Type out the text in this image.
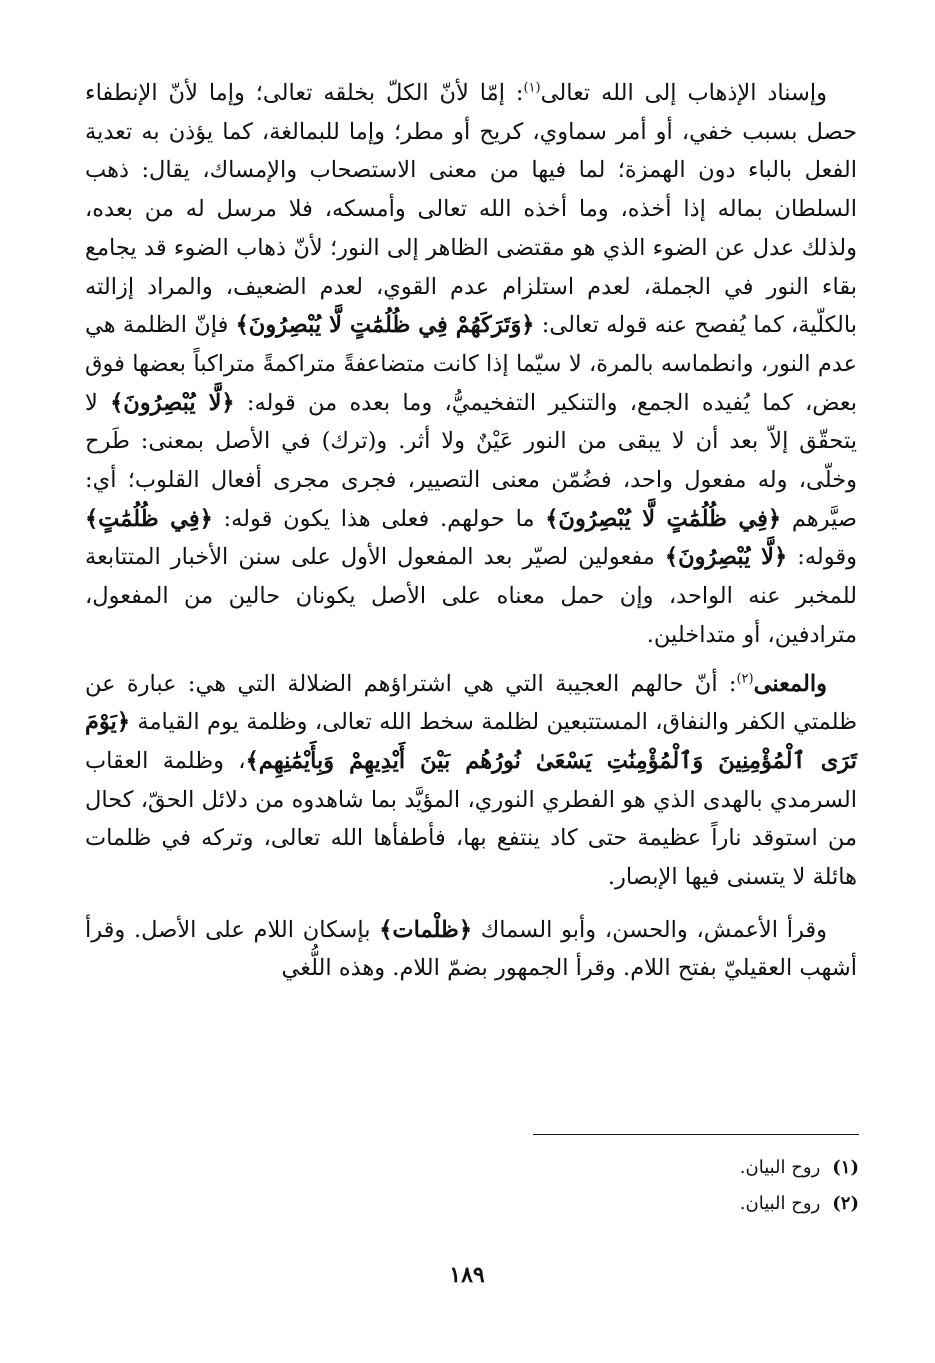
وإسناد الإذهاب إلى الله تعالى$^{(١)}$: إمّا لأنّ الكلّ بخلقه تعالى؛ وإما لأنّ الإنطفاء حصل بسبب خفي، أو أمر سماوي، كريح أو مطر؛ وإما للبمالغة، كما يؤذن به تعدية الفعل بالباء دون الهمزة؛ لما فيها من معنى الاستصحاب والإمساك، يقال: ذهب السلطان بماله إذا أخذه، وما أخذه الله تعالى وأمسكه، فلا مرسل له من بعده، ولذلك عدل عن الضوء الذي هو مقتضى الظاهر إلى النور؛ لأنّ ذهاب الضوء قد يجامع بقاء النور في الجملة، لعدم استلزام عدم القوي، لعدم الضعيف، والمراد إزالته بالكلّية، كما يُفصح عنه قوله تعالى: ﴿وَتَرَكَهُمْ فِي ظُلُمَٰتٍ لَّا يُبْصِرُونَ﴾ فإنّ الظلمة هي عدم النور، وانطماسه بالمرة، لا سيّما إذا كانت متضاعفةً متراكمةً متراكباً بعضها فوق بعض، كما يُفيده الجمع، والتنكير التفخيميُّ، وما بعده من قوله: ﴿لَّا يُبْصِرُونَ﴾ لا يتحقّق إلاّ بعد أن لا يبقى من النور عَيْنٌ ولا أثر. و(ترك) في الأصل بمعنى: طَرح وخلّى، وله مفعول واحد، فضُمّن معنى التصيير، فجرى مجرى أفعال القلوب؛ أي: صيَّرهم ﴿فِي ظُلُمَٰتٍ لَّا يُبْصِرُونَ﴾ ما حولهم. فعلى هذا يكون قوله: ﴿فِي ظُلُمَٰتٍ﴾ وقوله: ﴿لَّا يُبْصِرُونَ﴾ مفعولين لصيّر بعد المفعول الأول على سنن الأخبار المتتابعة للمخبر عنه الواحد، وإن حمل معناه على الأصل يكونان حالين من المفعول، مترادفين، أو متداخلين.

والمعنى$^{(٢)}$: أنّ حالهم العجيبة التي هي اشتراؤهم الضلالة التي هي: عبارة عن ظلمتي الكفر والنفاق، المستتبعين لظلمة سخط الله تعالى، وظلمة يوم القيامة ﴿يَوْمَ تَرَى ٱلْمُؤْمِنِينَ وَٱلْمُؤْمِنَٰتِ يَسْعَىٰ نُورُهُم بَيْنَ أَيْدِيهِمْ وَبِأَيْمَٰنِهِم﴾، وظلمة العقاب السرمدي بالهدى الذي هو الفطري النوري، المؤيَّد بما شاهدوه من دلائل الحقّ، كحال من استوقد ناراً عظيمة حتى كاد ينتفع بها، فأطفأها الله تعالى، وتركه في ظلمات هائلة لا يتسنى فيها الإبصار.

وقرأ الأعمش، والحسن، وأبو السماك ﴿ظلْمات﴾ بإسكان اللام على الأصل. وقرأ أشهب العقيليّ بفتح اللام. وقرأ الجمهور بضمّ اللام. وهذه اللُّغي

(١)روح البيان.
(٢)روح البيان.
١٨٩
